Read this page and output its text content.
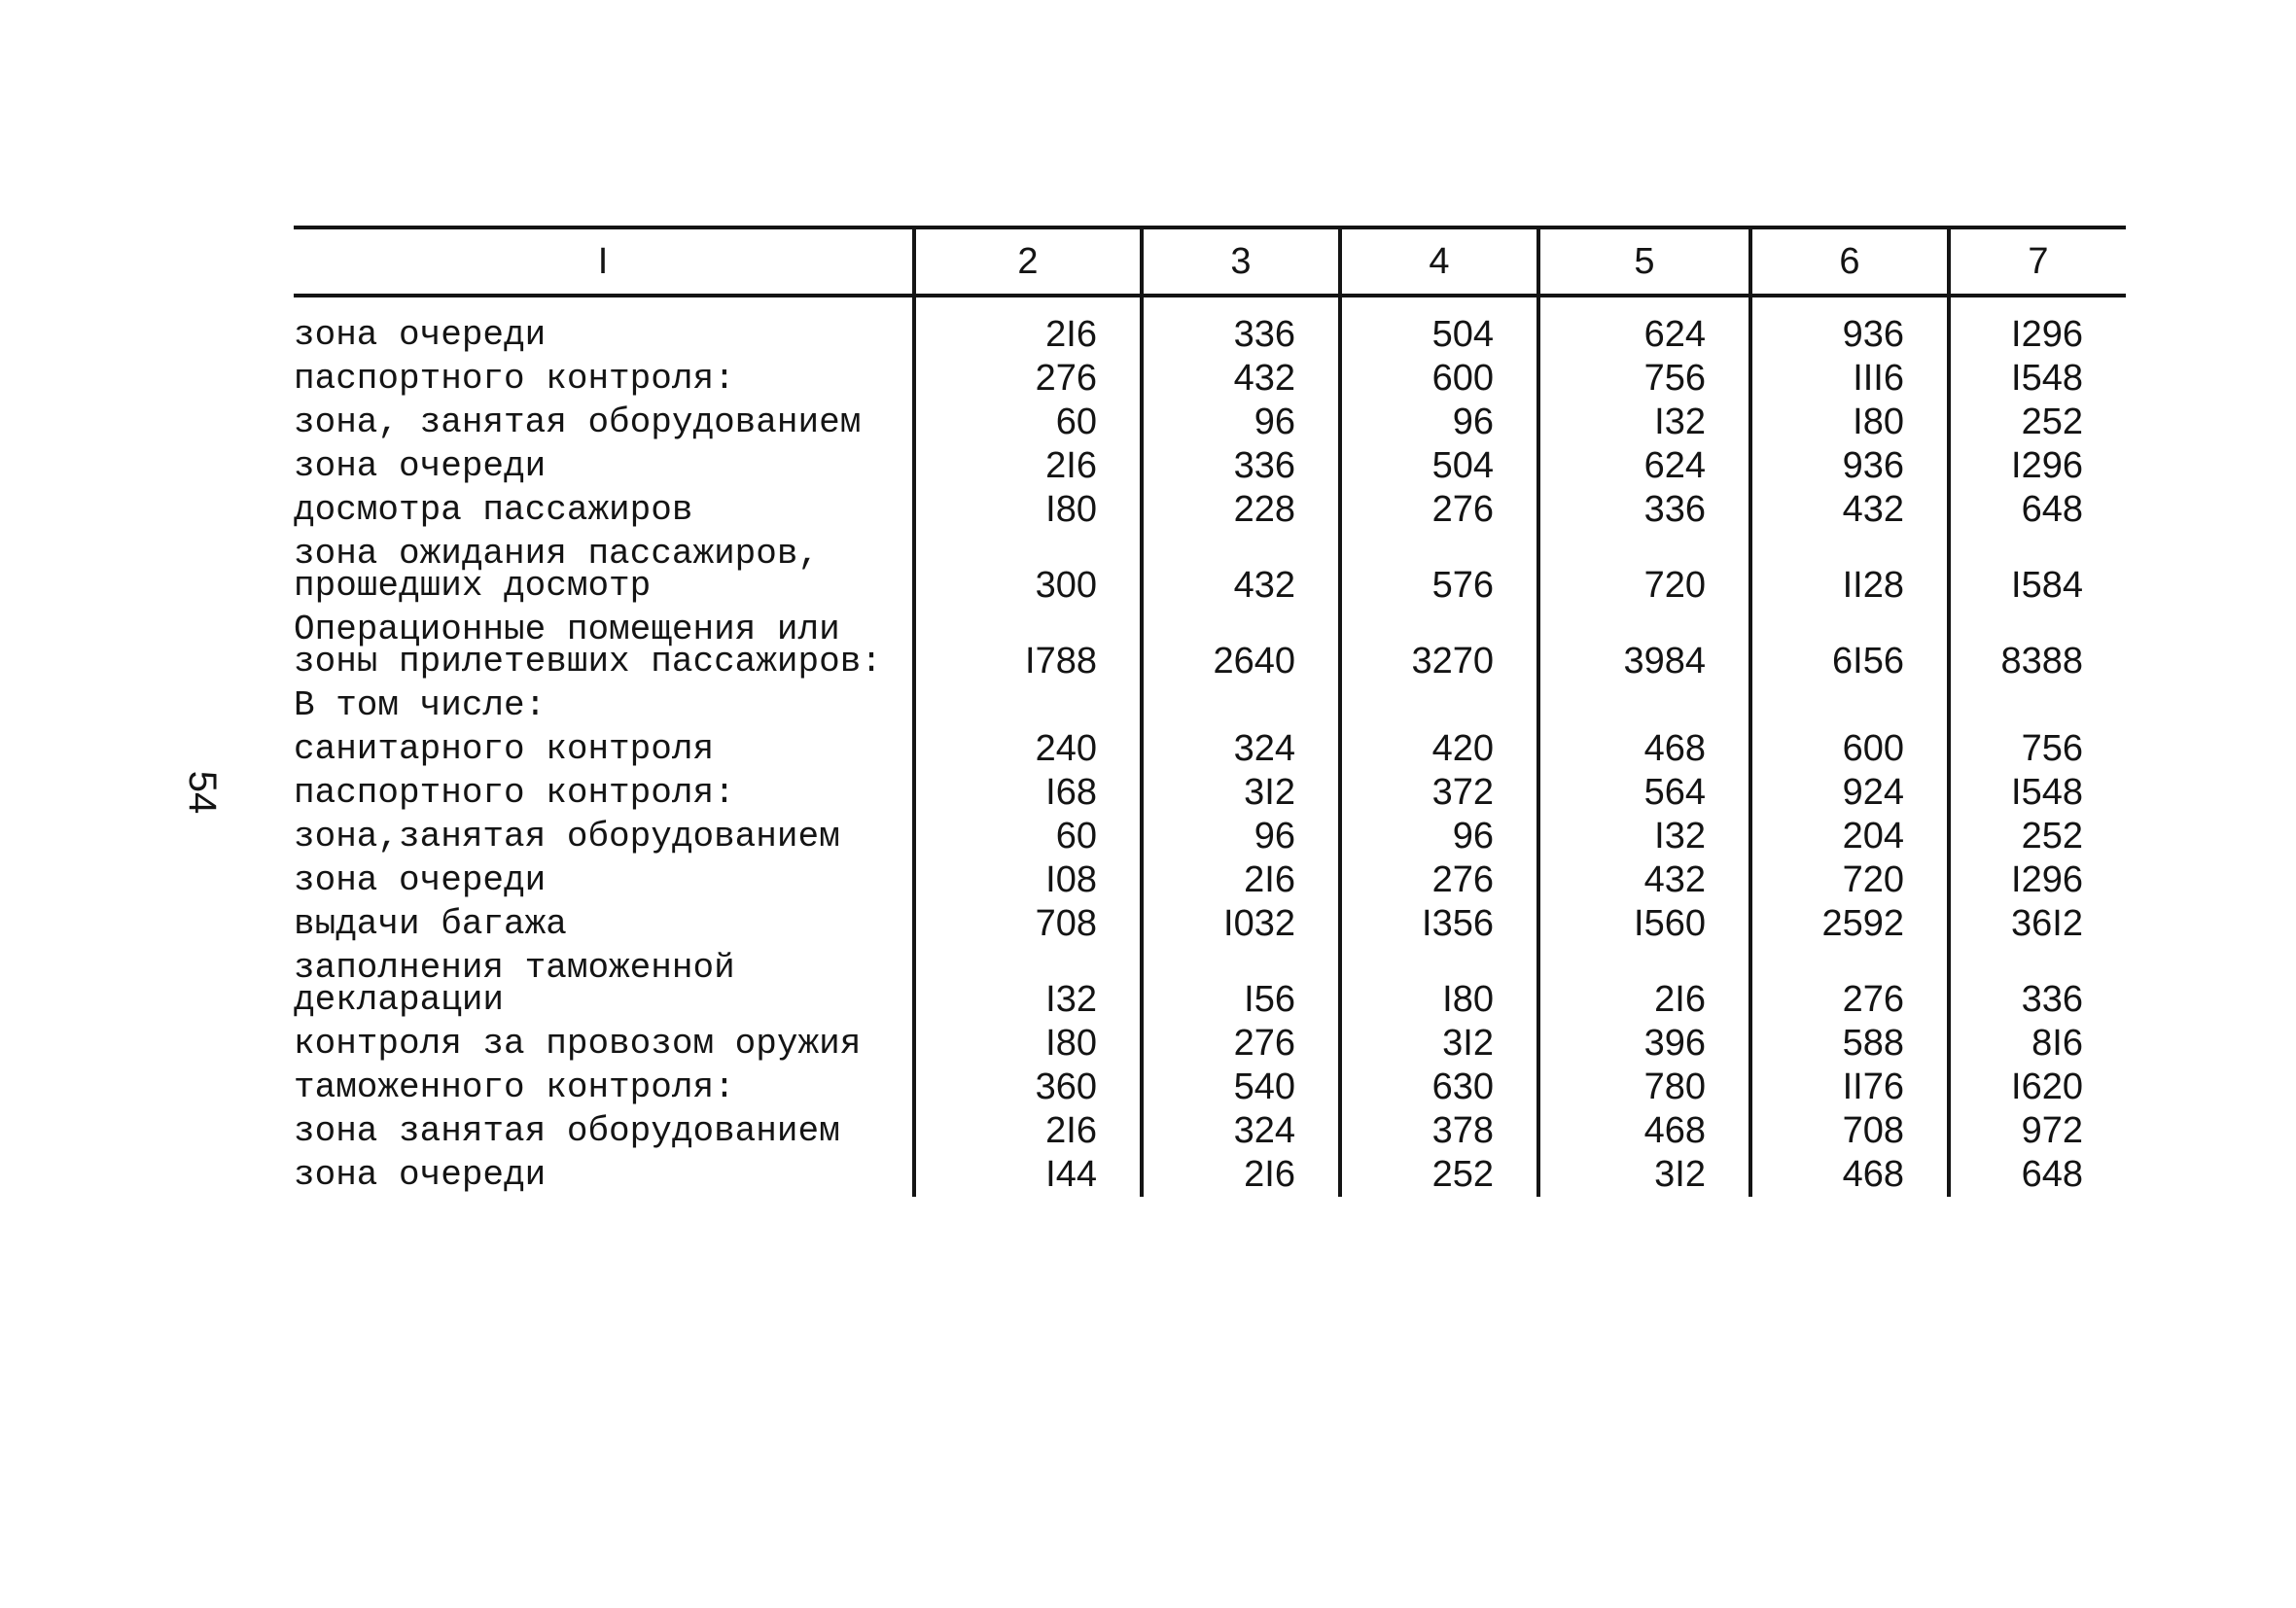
54
I	2	3	4	5	6	7
зона очереди	2I6	336	504	624	936	I296
паспортного контроля:	276	432	600	756	III6	I548
зона, занятая оборудованием	60	96	96	I32	I80	252
зона очереди	2I6	336	504	624	936	I296
досмотра пассажиров	I80	228	276	336	432	648
зона ожидания пассажиров, прошедших досмотр	300	432	576	720	II28	I584
Операционные помещения или зоны прилетевших пассажиров:	I788	2640	3270	3984	6I56	8388
В том числе:						
санитарного контроля	240	324	420	468	600	756
паспортного контроля:	I68	3I2	372	564	924	I548
зона,занятая оборудованием	60	96	96	I32	204	252
зона очереди	I08	2I6	276	432	720	I296
выдачи багажа	708	I032	I356	I560	2592	36I2
заполнения таможенной декларации	I32	I56	I80	2I6	276	336
контроля за провозом оружия	I80	276	3I2	396	588	8I6
таможенного контроля:	360	540	630	780	II76	I620
зона занятая оборудованием	2I6	324	378	468	708	972
зона очереди	I44	2I6	252	3I2	468	648
